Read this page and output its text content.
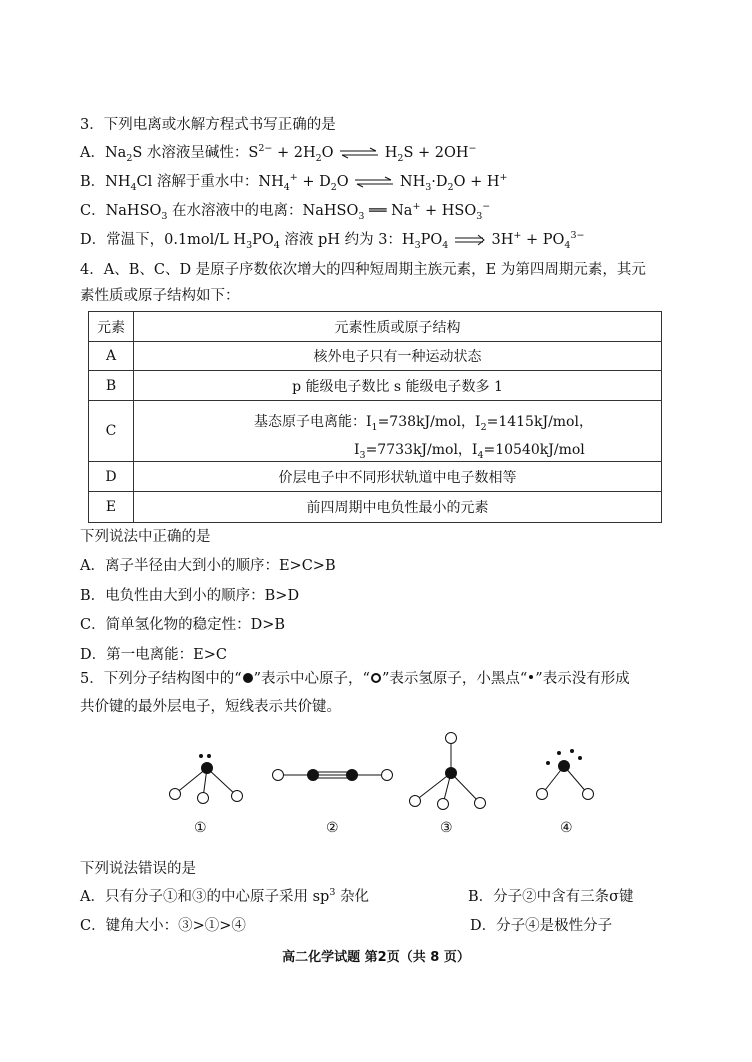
3．下列电离或水解方程式书写正确的是
A．$Na_2S$ 水溶液呈碱性：$S^{2-} + 2H_2O$ ⇌ $H_2S + 2OH^-$
B．$NH_4Cl$ 溶解于重水中：$NH_4^+ + D_2O$ ⇌ $NH_3\cdot D_2O + H^+$
C．NaHSO$_3$ 在水溶液中的电离：NaHSO$_3$ ══ $Na^+ + HSO_3^-$
D．常温下，0.1mol/L $H_3PO_4$ 溶液 pH 约为 3：$H_3PO_4$	$3H^+ + PO_4^{3-}$
4．A、B、C、D 是原子序数依次增大的四种短周期主族元素，E 为第四周期元素，其元
素性质或原子结构如下：
元素	元素性质或原子结构
A	核外电子只有一种运动状态
B	p 能级电子数比 s 能级电子数多 1
C	基态原子电离能：$I_1=738kJ$/mol，$I_2=1415kJ$/mol，
$I_3=7733kJ$/mol，$I_4=10540kJ$/mol

D	价层电子中不同形状轨道中电子数相等
E	前四周期中电负性最小的元素
下列说法中正确的是
A．离子半径由大到小的顺序：E>C>B
B．电负性由大到小的顺序：B>D
C．简单氢化物的稳定性：D>B
D．第一电离能：E>C
5．下列分子结构图中的“ ”表示中心原子，“ ”表示氢原子，小黑点“ ”表示没有形成
共价键的最外层电子，短线表示共价键。
①	②	③	④
下列说法错误的是
A．只有分子①和③的中心原子采用 $sp^3$ 杂化	B．分子②中含有三条σ键
C．键角大小：③>①>④	D．分子④是极性分子
高二化学试题 第2页（共 8 页）
